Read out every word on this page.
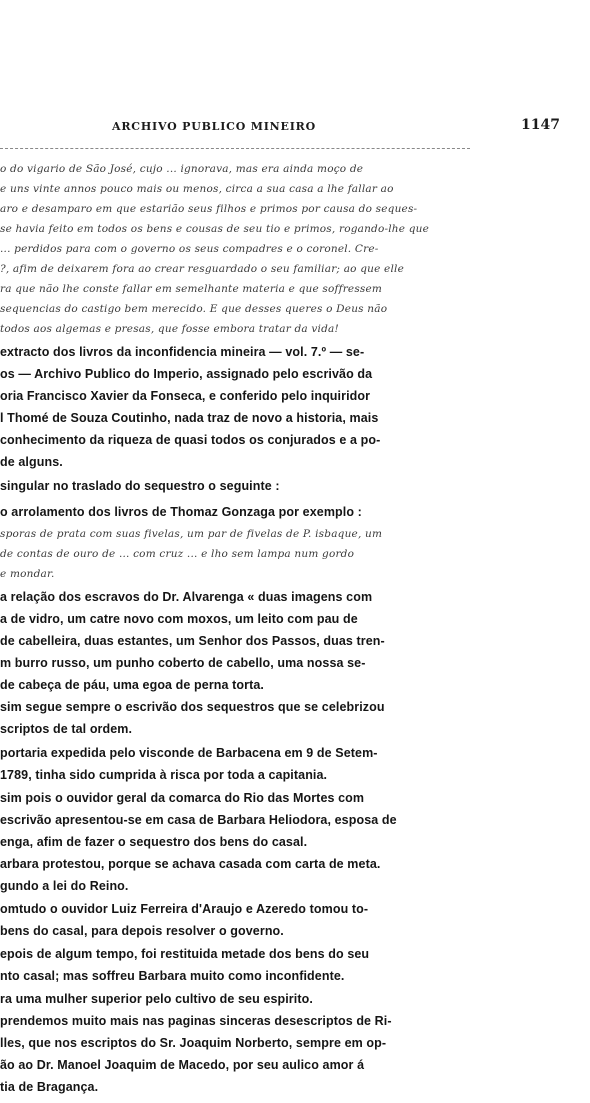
ARCHIVO PUBLICO MINEIRO	1147
o do vigario de São José, cujo ... ignorava, mas era ainda moço de
e uns vinte annos pouco mais ou menos, circa a sua casa a lhe fallar ao
aro e desamparo em que estarião seus filhos e primos por causa do seques-
se havia feito em todos os bens e cousas de seu tio e primos, rogando-lhe que
... perdidos para com o governo os seus compadres e o coronel. Cre-
?, afim de deixarem fora ao crear resguardado o seu familiar; ao que elle
ra que não lhe conste fallar em semelhante materia e que soffressem
sequencias do castigo bem merecido. E que desses queres o Deus não
todos aos algemas e presas, que fosse embora tratar da vida!
extracto dos livros da inconfidencia mineira — vol. 7.º — se-
os — Archivo Publico do Imperio, assignado pelo escrivão da
oria Francisco Xavier da Fonseca, e conferido pelo inquiridor
l Thomé de Souza Coutinho, nada traz de novo a historia, mais
conhecimento da riqueza de quasi todos os conjurados e a po-
de alguns.
singular no traslado do sequestro o seguinte :
o arrolamento dos livros de Thomaz Gonzaga por exemplo :
sporas de prata com suas fivelas, um par de fivelas de P. isbaque, um
de contas de ouro de ... com cruz ... e lho sem lampa num gordo
e mondar.
a relação dos escravos do Dr. Alvarenga « duas imagens com
a de vidro, um catre novo com moxos, um leito com pau de
de cabelleira, duas estantes, um Senhor dos Passos, duas tren-
m burro russo, um punho coberto de cabello, uma nossa se-
de cabeça de páu, uma egoa de perna torta.
sim segue sempre o escrivão dos sequestros que se celebrizou
scriptos de tal ordem.
portaria expedida pelo visconde de Barbacena em 9 de Setem-
1789, tinha sido cumprida à risca por toda a capitania.
sim pois o ouvidor geral da comarca do Rio das Mortes com
escrivão apresentou-se em casa de Barbara Heliodora, esposa de
enga, afim de fazer o sequestro dos bens do casal.
arbara protestou, porque se achava casada com carta de meta.
gundo a lei do Reino.
omtudo o ouvidor Luiz Ferreira d'Araujo e Azeredo tomou to-
bens do casal, para depois resolver o governo.
epois de algum tempo, foi restituida metade dos bens do seu
nto casal; mas soffreu Barbara muito como inconfidente.
ra uma mulher superior pelo cultivo de seu espirito.
prendemos muito mais nas paginas sinceras desescriptos de Ri-
lles, que nos escriptos do Sr. Joaquim Norberto, sempre em op-
ão ao Dr. Manoel Joaquim de Macedo, por seu aulico amor á
tia de Bragança.
